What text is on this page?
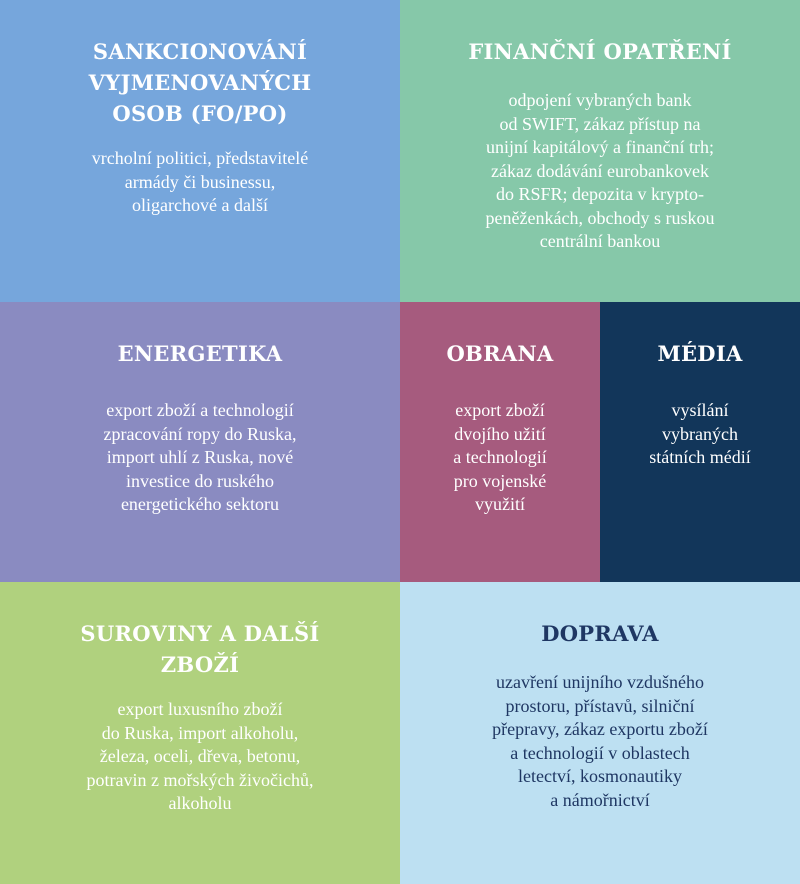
SANKCIONOVÁNÍ
VYJMENOVANÝCH
OSOB (FO/PO)
vrcholní politici, představitelé
armády či businessu,
oligarchové a další
FINANČNÍ OPATŘENÍ
odpojení vybraných bank
od SWIFT, zákaz přístup na
unijní kapitálový a finanční trh;
zákaz dodávání eurobankovek
do RSFR; depozita v krypto-
peněženkách, obchody s ruskou
centrální bankou
ENERGETIKA
export zboží a technologií
zpracování ropy do Ruska,
import uhlí z Ruska, nové
investice do ruského
energetického sektoru
OBRANA
export zboží
dvojího užití
a technologií
pro vojenské
využití
MÉDIA
vysílání
vybraných
státních médií
SUROVINY A DALŠÍ
ZBOŽÍ
export luxusního zboží
do Ruska, import alkoholu,
železa, oceli, dřeva, betonu,
potravin z mořských živočichů,
alkoholu
DOPRAVA
uzavření unijního vzdušného
prostoru, přístavů, silniční
přepravy, zákaz exportu zboží
a technologií v oblastech
letectví, kosmonautiky
a námořnictví
